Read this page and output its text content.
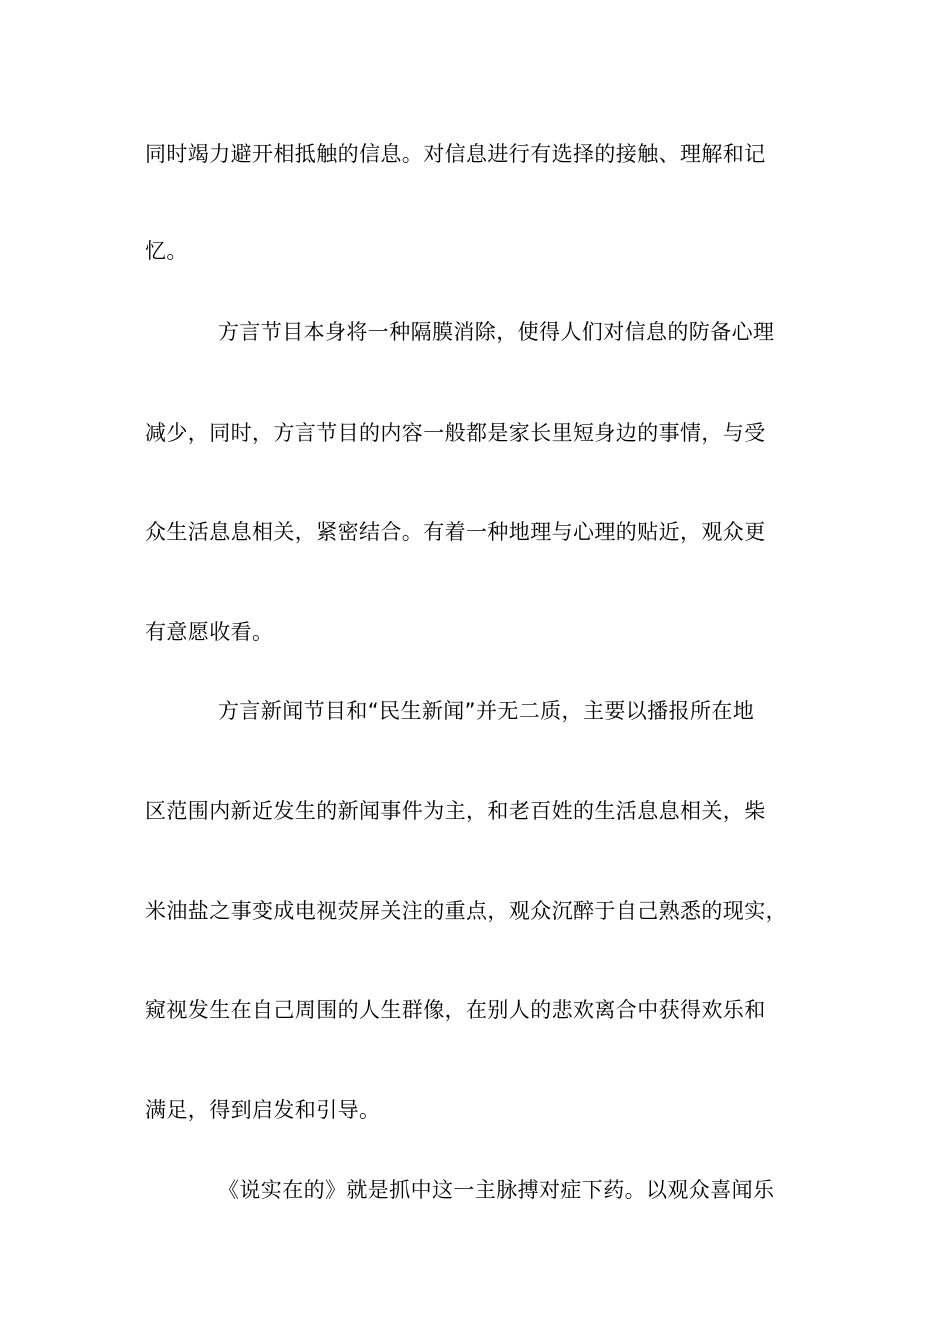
同时竭力避开相抵触的信息。对信息进行有选择的接触、理解和记
忆。
方言节目本身将一种隔膜消除，使得人们对信息的防备心理
减少，同时，方言节目的内容一般都是家长里短身边的事情，与受
众生活息息相关，紧密结合。有着一种地理与心理的贴近，观众更
有意愿收看。
方言新闻节目和“民生新闻”并无二质，主要以播报所在地
区范围内新近发生的新闻事件为主，和老百姓的生活息息相关，柴
米油盐之事变成电视荧屏关注的重点，观众沉醉于自己熟悉的现实，
窥视发生在自己周围的人生群像，在别人的悲欢离合中获得欢乐和
满足，得到启发和引导。
《说实在的》就是抓中这一主脉搏对症下药。以观众喜闻乐
